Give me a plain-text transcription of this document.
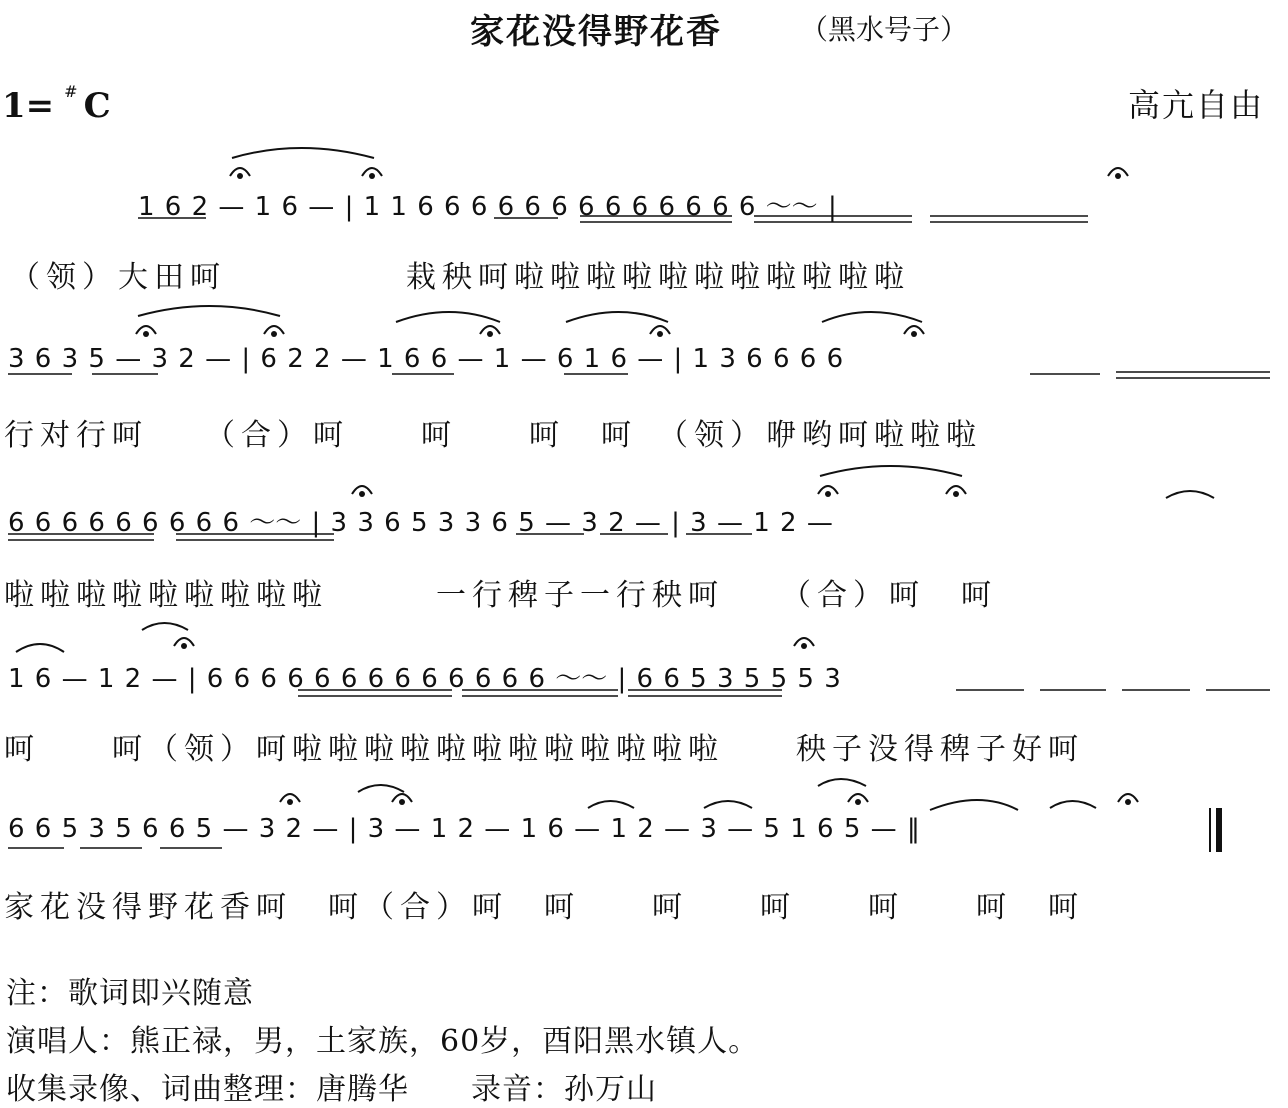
家花没得野花香	（黑水号子）
1= # C	高亢自由
1 6 2 — 1 6 — | 1 1 6 6 6 6 6 6 6 6 6 6 6 6 6 ～～ |
（领）大田呵　　　　　栽秧呵啦啦啦啦啦啦啦啦啦啦啦
3 6 3 5 — 3 2 — | 6 2 2 — 1 6 6 — 1 — 6 1 6 — | 1 3 6 6 6 6
行对行呵　　（合）呵　　呵　　呵　呵　（领）咿哟呵啦啦啦
6 6 6 6 6 6 6 6 6 ～～ | 3 3 6 5 3 3 6 5 — 3 2 — | 3 — 1 2 —
啦啦啦啦啦啦啦啦啦　　　一行稗子一行秧呵　　（合）呵　呵
1 6 — 1 2 — | 6 6 6 6 6 6 6 6 6 6 6 6 6 ～～ | 6 6 5 3 5 5 5 3
呵　　呵（领）呵啦啦啦啦啦啦啦啦啦啦啦啦　　秧子没得稗子好呵
6 6 5 3 5 6 6 5 — 3 2 — | 3 — 1 2 — 1 6 — 1 2 — 3 — 5 1 6 5 — ‖
家花没得野花香呵　呵（合）呵　呵　　呵　　呵　　呵　　呵　呵
注：歌词即兴随意
演唱人：熊正禄，男，土家族，60岁，酉阳黑水镇人。
收集录像、词曲整理：唐腾华　　录音：孙万山
